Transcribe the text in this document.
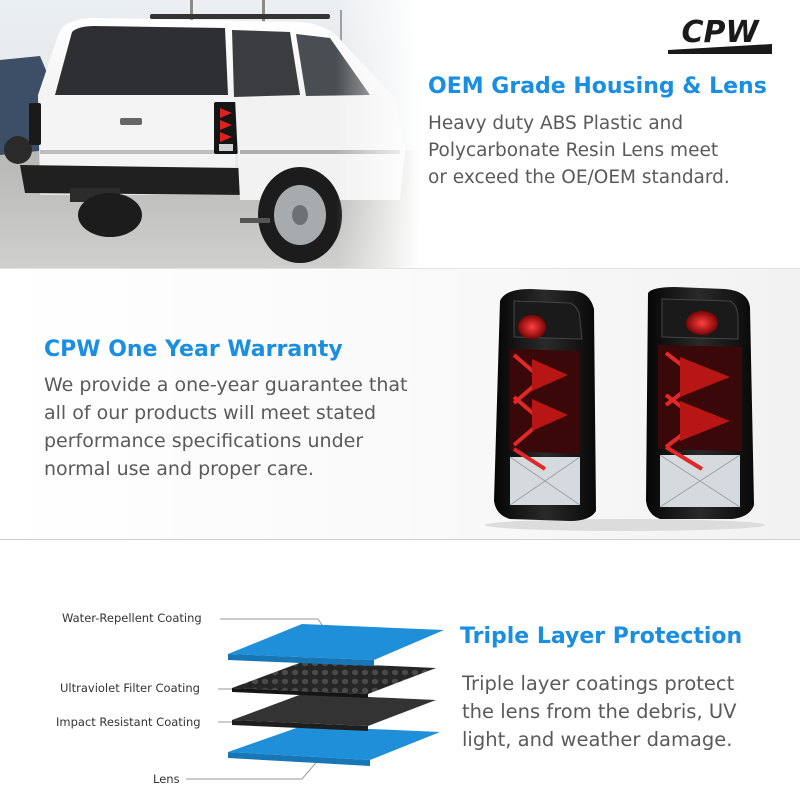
CPW
OEM Grade Housing & Lens
Heavy duty ABS Plastic and
Polycarbonate Resin Lens meet
or exceed the OE/OEM standard.
CPW One Year Warranty
We provide a one-year guarantee that
all of our products will meet stated
performance specifications under
normal use and proper care.
Water-Repellent Coating
Ultraviolet Filter Coating
Impact Resistant Coating
Lens
Triple Layer Protection
Triple layer coatings protect
the lens from the debris, UV
light, and weather damage.
